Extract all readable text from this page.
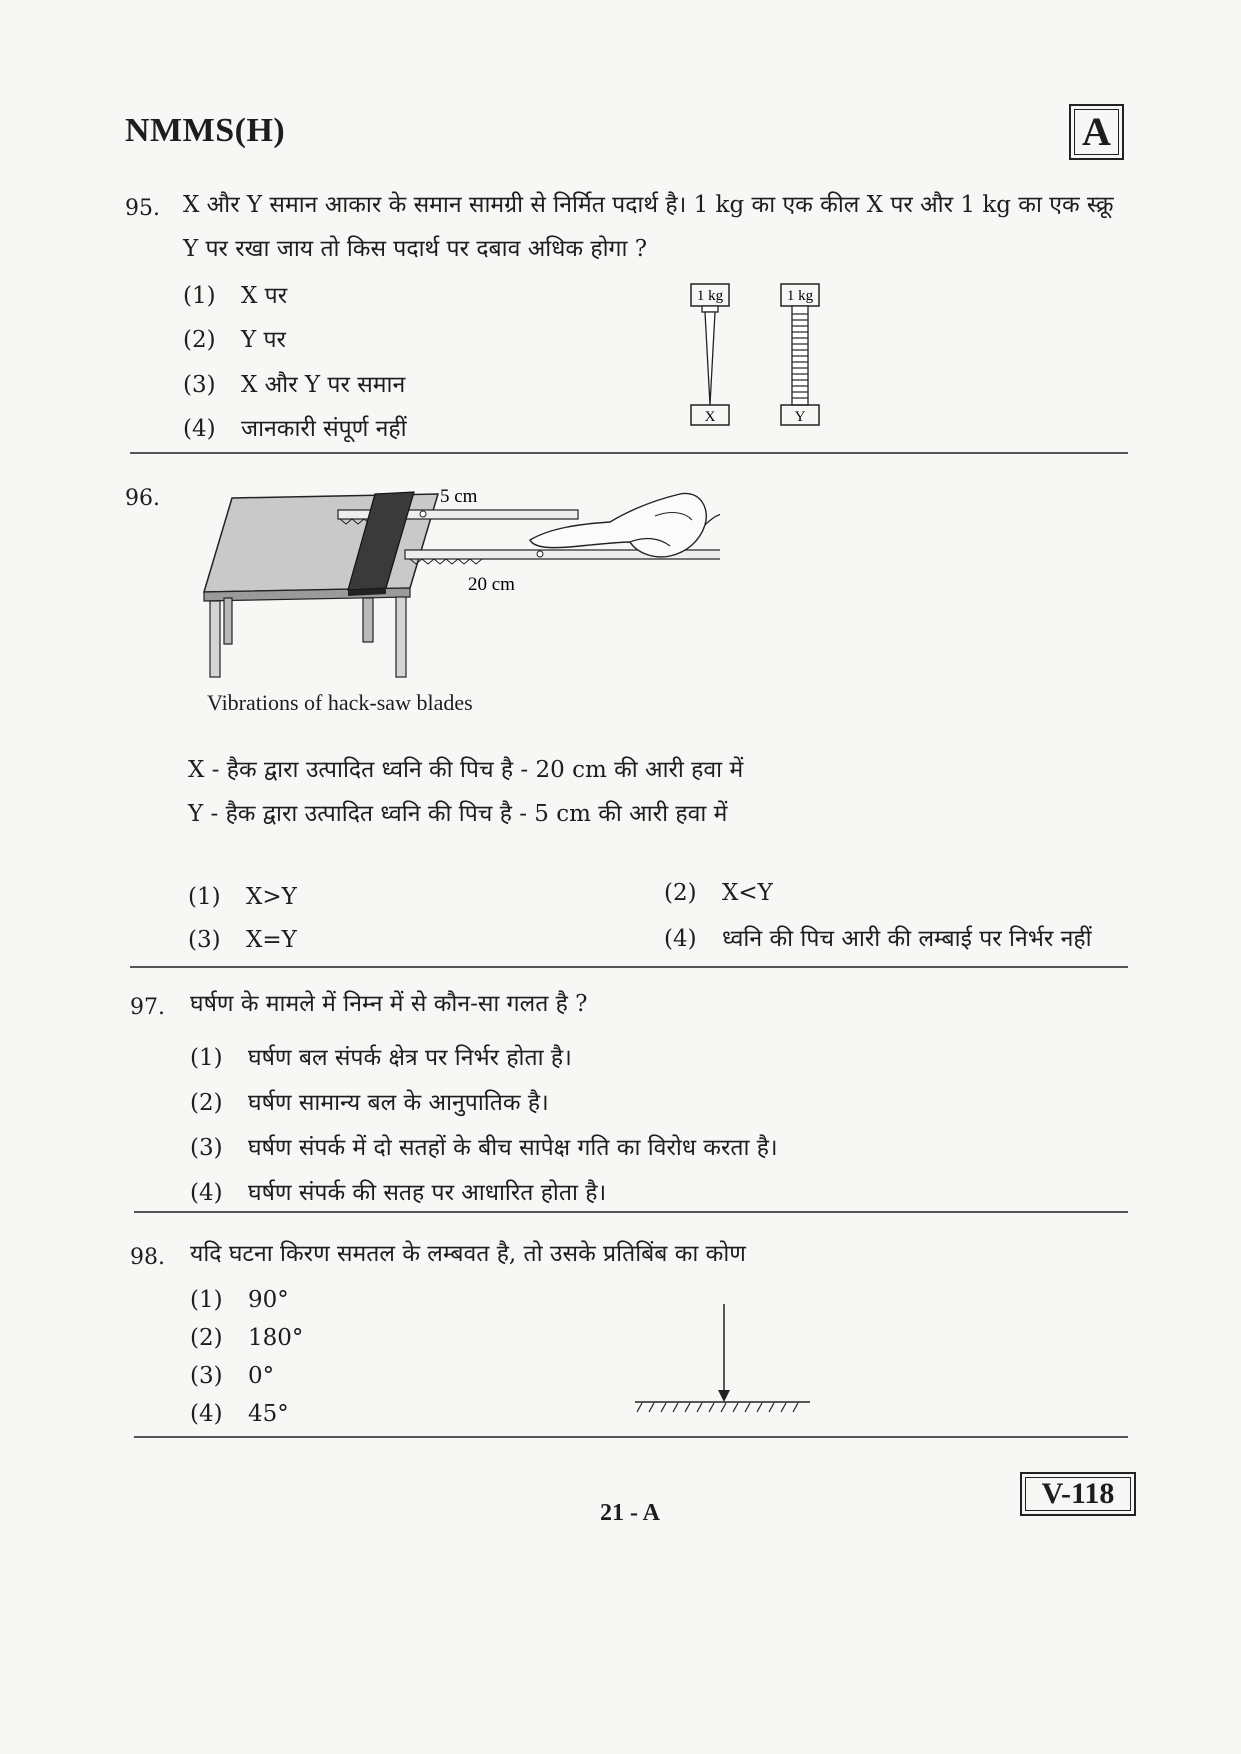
NMMS(H)	A
95. X और Y समान आकार के समान सामग्री से निर्मित पदार्थ है। 1 kg का एक कील X पर और 1 kg का एक स्क्रू Y पर रखा जाय तो किस पदार्थ पर दबाव अधिक होगा ?
(1) X पर
(2) Y पर
(3) X और Y पर समान
(4) जानकारी संपूर्ण नहीं
1 kg
X
1 kg
Y
96.	5 cm
20 cm
Vibrations of hack-saw blades
X - हैक द्वारा उत्पादित ध्वनि की पिच है - 20 cm की आरी हवा में
Y - हैक द्वारा उत्पादित ध्वनि की पिच है - 5 cm की आरी हवा में
(1) X>Y	(2) X<Y
(3) X=Y	(4) ध्वनि की पिच आरी की लम्बाई पर निर्भर नहीं
97. घर्षण के मामले में निम्न में से कौन-सा गलत है ?
(1) घर्षण बल संपर्क क्षेत्र पर निर्भर होता है।
(2) घर्षण सामान्य बल के आनुपातिक है।
(3) घर्षण संपर्क में दो सतहों के बीच सापेक्ष गति का विरोध करता है।
(4) घर्षण संपर्क की सतह पर आधारित होता है।
98. यदि घटना किरण समतल के लम्बवत है, तो उसके प्रतिबिंब का कोण
(1) 90°
(2) 180°
(3) 0°
(4) 45°
V-118
21 - A
